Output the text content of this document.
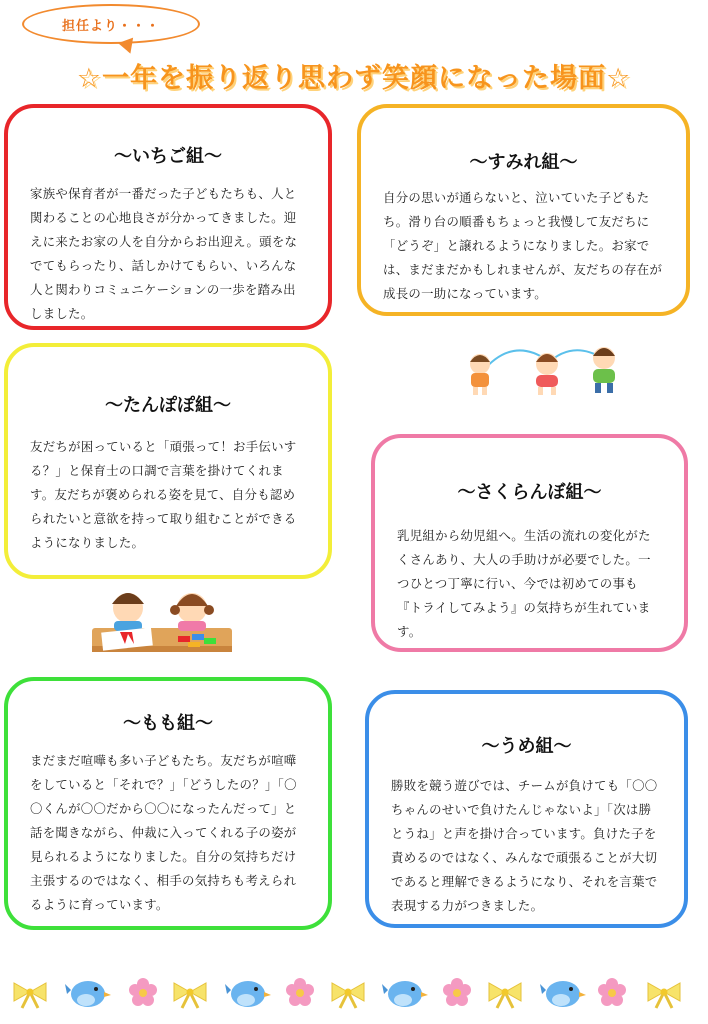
担任より・・・
☆一年を振り返り思わず笑顔になった場面☆
～いちご組～

家族や保育者が一番だった子どもたちも、人と関わることの心地良さが分かってきました。迎えに来たお家の人を自分からお出迎え。頭をなでてもらったり、話しかけてもらい、いろんな人と関わりコミュニケーションの一歩を踏み出しました。

～すみれ組～

自分の思いが通らないと、泣いていた子どもたち。滑り台の順番もちょっと我慢して友だちに「どうぞ」と譲れるようになりました。お家では、まだまだかもしれませんが、友だちの存在が成長の一助になっています。

～たんぽぽ組～

友だちが困っていると「頑張って！お手伝いする？」と保育士の口調で言葉を掛けてくれます。友だちが褒められる姿を見て、自分も認められたいと意欲を持って取り組むことができるようになりました。

～さくらんぼ組～

乳児組から幼児組へ。生活の流れの変化がたくさんあり、大人の手助けが必要でした。一つひとつ丁寧に行い、今では初めての事も『トライしてみよう』の気持ちが生れています。

～もも組～

まだまだ喧嘩も多い子どもたち。友だちが喧嘩をしていると「それで？」「どうしたの？」「〇〇くんが〇〇だから〇〇になったんだって」と話を聞きながら、仲裁に入ってくれる子の姿が見られるようになりました。自分の気持ちだけ主張するのではなく、相手の気持ちも考えられるように育っています。

～うめ組～

勝敗を競う遊びでは、チームが負けても「〇〇ちゃんのせいで負けたんじゃないよ」「次は勝とうね」と声を掛け合っています。負けた子を責めるのではなく、みんなで頑張ることが大切であると理解できるようになり、それを言葉で表現する力がつきました。
